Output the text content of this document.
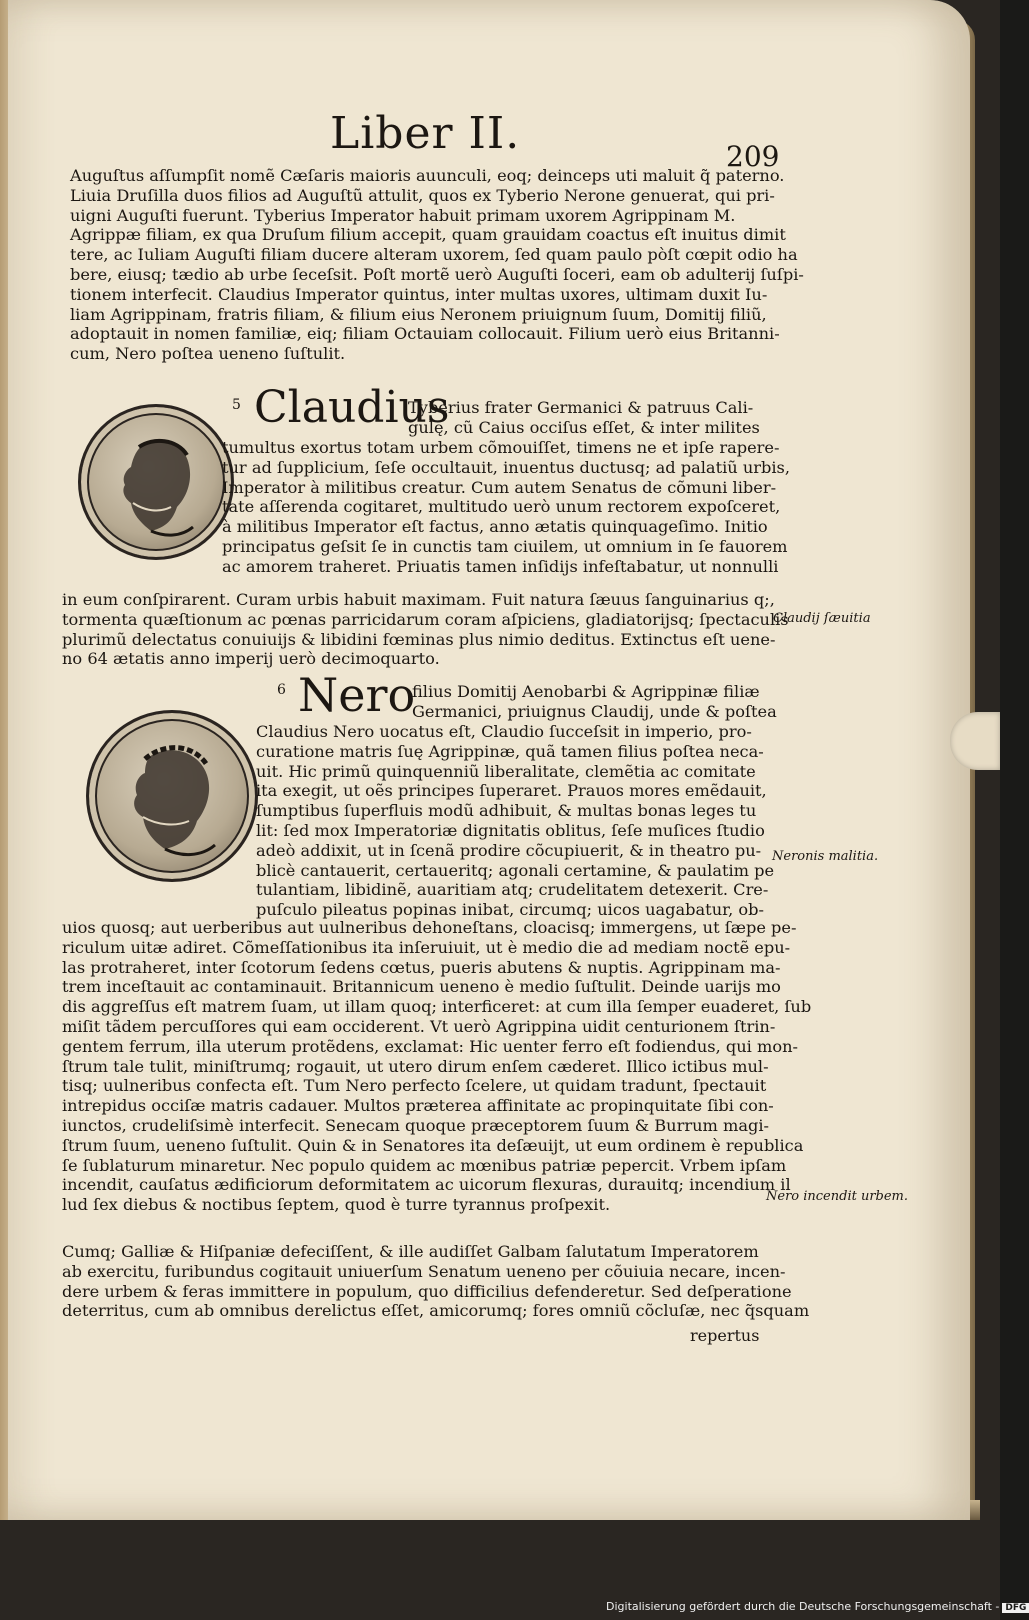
Liber II.	209
Auguſtus aſſumpſit nomẽ Cæſaris maioris auunculi, eoq; deinceps uti maluit q̃ paterno.
Liuia Druſilla duos filios ad Auguſtũ attulit, quos ex Tyberio Nerone genuerat, qui pri-
uigni Auguſti fuerunt. Tyberius Imperator habuit primam uxorem Agrippinam M.
Agrippæ filiam, ex qua Druſum filium accepit, quam grauidam coactus eſt inuitus dimit
tere, ac Iuliam Auguſti filiam ducere alteram uxorem, ſed quam paulo pòſt cœpit odio ha
bere, eiusq; tædio ab urbe ſeceſsit. Poſt mortẽ uerò Auguſti ſoceri, eam ob adulterij ſuſpi-
tionem interfecit. Claudius Imperator quintus, inter multas uxores, ultimam duxit Iu-
liam Agrippinam, fratris filiam, & filium eius Neronem priuignum ſuum, Domitij filiũ,
adoptauit in nomen familiæ, eiq; filiam Octauiam collocauit. Filium uerò eius Britanni-
cum, Nero poſtea ueneno ſuſtulit.
5 Claudius
Tyberius frater Germanici & patruus Cali-
gulę, cũ Caius occiſus eſſet, & inter milites
tumultus exortus totam urbem cõmouiſſet, timens ne et ipſe rapere-
tur ad ſupplicium, ſeſe occultauit, inuentus ductusq; ad palatiũ urbis,
Imperator à militibus creatur. Cum autem Senatus de cõmuni liber-
tate aſſerenda cogitaret, multitudo uerò unum rectorem expoſceret,
à militibus Imperator eſt factus, anno ætatis quinquageſimo. Initio
principatus geſsit ſe in cunctis tam ciuilem, ut omnium in ſe fauorem
ac amorem traheret. Priuatis tamen inſidijs infeſtabatur, ut nonnulli
in eum conſpirarent. Curam urbis habuit maximam. Fuit natura ſæuus ſanguinarius q;,
tormenta quæſtionum ac pœnas parricidarum coram aſpiciens, gladiatorijsq; ſpectaculis
plurimũ delectatus conuiuijs & libidini fœminas plus nimio deditus. Extinctus eſt uene-
no 64 ætatis anno imperij uerò decimoquarto.
Claudij ſæuitia
6 Nero
filius Domitij Aenobarbi & Agrippinæ filiæ
Germanici, priuignus Claudij, unde & poſtea
Claudius Nero uocatus eſt, Claudio ſucceſsit in imperio, pro-
curatione matris ſuę Agrippinæ, quã tamen filius poſtea neca-
uit. Hic primũ quinquenniũ liberalitate, clemẽtia ac comitate
ita exegit, ut oẽs principes ſuperaret. Prauos mores emẽdauit,
ſumptibus ſuperfluis modũ adhibuit, & multas bonas leges tu
lit: ſed mox Imperatoriæ dignitatis oblitus, ſeſe muſices ſtudio
adeò addixit, ut in ſcenã prodire cõcupiuerit, & in theatro pu-
blicè cantauerit, certaueritq; agonali certamine, & paulatim pe
tulantiam, libidinẽ, auaritiam atq; crudelitatem detexerit. Cre-
puſculo pileatus popinas inibat, circumq; uicos uagabatur, ob-
uios quosq; aut uerberibus aut uulneribus dehoneſtans, cloacisq; immergens, ut ſæpe pe-
riculum uitæ adiret. Cõmeſſationibus ita inſeruiuit, ut è medio die ad mediam noctẽ epu-
las protraheret, inter ſcotorum ſedens cœtus, pueris abutens & nuptis. Agrippinam ma-
trem inceſtauit ac contaminauit. Britannicum ueneno è medio ſuſtulit. Deinde uarijs mo
dis aggreſſus eſt matrem ſuam, ut illam quoq; interficeret: at cum illa ſemper euaderet, ſub
miſit tãdem percuſſores qui eam occiderent. Vt uerò Agrippina uidit centurionem ſtrin-
gentem ferrum, illa uterum protẽdens, exclamat: Hic uenter ferro eſt fodiendus, qui mon-
ſtrum tale tulit, miniſtrumq; rogauit, ut utero dirum enſem cæderet. Illico ictibus mul-
tisq; uulneribus confecta eſt. Tum Nero perfecto ſcelere, ut quidam tradunt, ſpectauit
intrepidus occiſæ matris cadauer. Multos præterea affinitate ac propinquitate ſibi con-
iunctos, crudeliſsimè interfecit. Senecam quoque præceptorem ſuum & Burrum magi-
ſtrum ſuum, ueneno ſuſtulit. Quin & in Senatores ita deſæuijt, ut eum ordinem è republica
ſe ſublaturum minaretur. Nec populo quidem ac mœnibus patriæ pepercit. Vrbem ipſam
incendit, cauſatus ædificiorum deformitatem ac uicorum flexuras, durauitq; incendium il
lud ſex diebus & noctibus ſeptem, quod è turre tyrannus proſpexit.
Neronis malitia.
Nero incendit urbem.
Cumq; Galliæ & Hiſpaniæ defeciſſent, & ille audiſſet Galbam ſalutatum Imperatorem
ab exercitu, furibundus cogitauit uniuerſum Senatum ueneno per cõuiuia necare, incen-
dere urbem & feras immittere in populum, quo difficilius defenderetur. Sed deſperatione
deterritus, cum ab omnibus derelictus eſſet, amicorumq; fores omniũ cõcluſæ, nec q̃squam
repertus
Digitalisierung gefördert durch die Deutsche Forschungsgemeinschaft - DFG
